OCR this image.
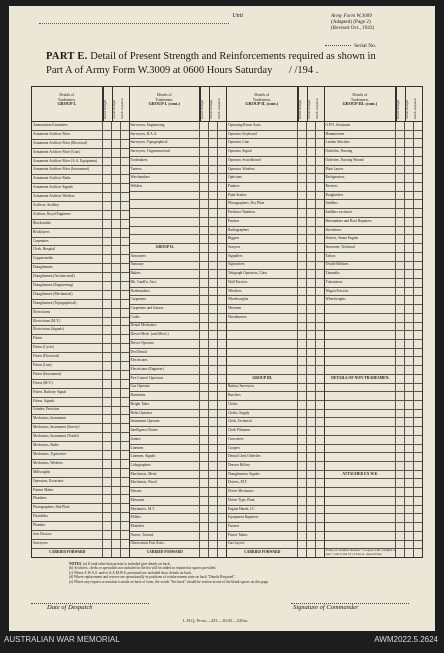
Unit	Army Form W.3009
(Adapted) (Page 2)
(Revised Oct., 1943)
Serial No.
PART E. Detail of Present Strength and Reinforcements required as shown in
Part A of Army Form W.3009 at 0600 Hours Saturday / /194 .
Details of
Tradesmen,
GROUP I.	Posted Strength.	Actual Strength.	Reinfs. Required.
Ammunition Examiners
Armament Artificer Fitter
Armament Artificer Fitter (Electrical)
Armament Artificer Fitter (Gun)
Armament Artificer Fitter (A.A. Equipment)
Armament Artificer Fitter (Instrument)
Armament Artificer Radio
Armament Artificer Signals
Armament Artificer Wireless
Artificer, Artillery
Artificer, Royal Engineers
Blacksmiths
Bricklayers
Carpenters
Clerk, Hospital
Coppersmiths
Draughtsmen
Draughtsmen (Architectural)
Draughtsmen (Engineering)
Draughtsmen (Mechanical)
Draughtsmen (Topographical)
Electricians
Electricians (M.V.)
Electricians (Signals)
Fitters
Fitters (Cycle)
Fitters (Electrical)
Fitters (Gun)
Fitters (Instrument)
Fitters (M.V.)
Fitters, Railway Signal
Fitters, Signals
Grinder, Precision
Mechanics, Instrument
Mechanics, Instrument (Survey)
Mechanics, Instrument (Textile)
Mechanics, Radio
Mechanics, Typewriter
Mechanics, Wireless
Millwrights
Operators, Excavator
Pattern Maker
Plumbers
Photographers, Slid Plate
Photolitho
Plumber
Saw Doctors
Surveyors
CARRIED FORWARD
Details of
Tradesmen,
GROUP I. (cont.)	Posted Strength.	Actual Strength.	Reinfs. Required.
Surveyors, Engineering
Surveyors, R.A.A.
Surveyors, Topographical
Surveyors, Trigonometrical
Toolmakers
Turners
Watchmakers
Welders
GROUP II.
Armourers
Armoury
Bakers
Blr. Candl'n. Asst.
Boilermakers
Carpenters
Carpenters and Joiners
Cooks
Dental Mechanics
Driver-Mech. (and Mech.)
Driver-Operator
Dvr/Dental
Electricians
Electricians (Engineer)
Fire Control Operators
Gas Operator
Hatchmen
Height Taker
Helio Operator
Instrument Operator
Intelligence Duties
Joiners
Linemen
Linemen, Signals
Lithographers
Machinists, Metal
Machinists, Wood
Masons
Messmen
Mechanics, M.T.
Millers
Moulders
Nurses, Trained
Observation Post Assts.
CARRIED FORWARD
Details of
Tradesmen,
GROUP II. (cont.)	Posted Strength.	Actual Strength.	Reinfs. Required.
Operating Room Assts.
Operator, Keyboard
Operator, Line
Operator, Signal
Operator, Switchboard
Operator, Wireless
Opticians
Painters
Paint Sealers
Photographers, Dry Plate
Predictor Numbers
Printers
Radiographers
Riggers
Sawyers
Signallers
Signwriters
Telegraph Operators, Class
Wall Erecters
Wheelers
Wheelwrights
Wiremen
Woodturners
GROUP III.
Battery Surveyors
Butchers
Clerks
Clerks, Supply
Clerk, Technical
Clerk Pilotmen
Concreters
Coopers
Dental Clerk Orderlies
Dresser Riflery
Draughtsmen, Signals
Drivers, M.T.
Driver Mechanics
Driver Type, Plant
Engine Hands, I.C.
Equipment Repairers
Farriers
Fitters' Mates
Gas Layers
CARRIED FORWARD
Details of
Tradesmen,
GROUP III. (cont.)	Posted Strength.	Actual Strength.	Reinfs. Required.
G.P.O. Assistants
Hammermen
Leather Stitchers
Orderlies, Nursing
Orderlies, Nursing Wound
Plate Layers
Refrigerators
Riveters
Roughriders
Saddlers
Saddlers exclusive
Shoemakers and Boot Repairers
Stevedores
Stokers, Steam Engine
Storemen, Technical
Tailors
Textile Refitters
Tinsmiths
Vulcanizers
Wagon Erectors
Wheelwrights
DETAILS OF NON-TRADESMEN.
ATTACHED EX W.E.
Totals of columns marked * to agree with columns 4 and 7, and 9 and 10 of Part A, respectively.
NOTES. (a) If tank other than private is included give details on back.
(b) Artificers, clerks or specialists not included in the list will be added as required in spaces provided.
(c) Where A.W.A.S. and/or A.A.M.W.S. personnel are included show details on back.
(d) Where replacement and reserve are operationally in positions of reinforcement state on back "Details Required".
(e) Where any request or notation is made on back of form, the words "See back" should be written in one of the blank spaces on this page.
Date of Despatch	Signature of Commander
L.H.Q. Press—433—10/45—520m.
AUSTRALIAN WAR MEMORIAL	AWM2022.5.2624
